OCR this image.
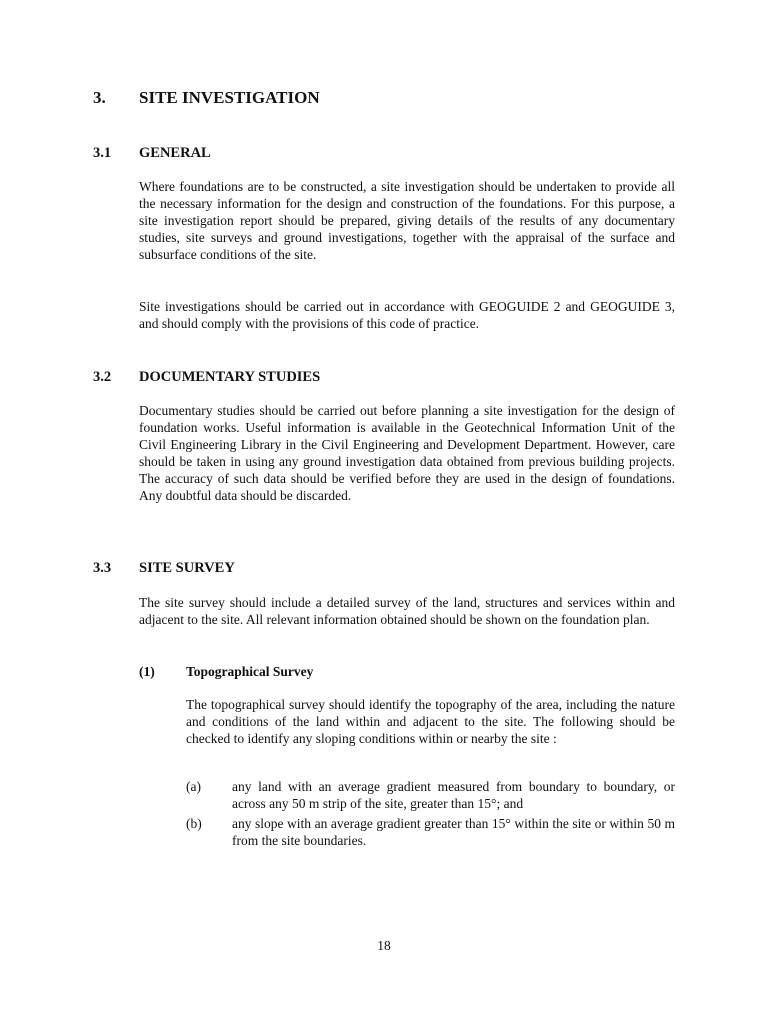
3. SITE INVESTIGATION
3.1 GENERAL

Where foundations are to be constructed, a site investigation should be undertaken to provide all the necessary information for the design and construction of the foundations. For this purpose, a site investigation report should be prepared, giving details of the results of any documentary studies, site surveys and ground investigations, together with the appraisal of the surface and subsurface conditions of the site.

Site investigations should be carried out in accordance with GEOGUIDE 2 and GEOGUIDE 3, and should comply with the provisions of this code of practice.

3.2 DOCUMENTARY STUDIES

Documentary studies should be carried out before planning a site investigation for the design of foundation works. Useful information is available in the Geotechnical Information Unit of the Civil Engineering Library in the Civil Engineering and Development Department. However, care should be taken in using any ground investigation data obtained from previous building projects. The accuracy of such data should be verified before they are used in the design of foundations. Any doubtful data should be discarded.

3.3 SITE SURVEY

The site survey should include a detailed survey of the land, structures and services within and adjacent to the site. All relevant information obtained should be shown on the foundation plan.

(1) Topographical Survey

The topographical survey should identify the topography of the area, including the nature and conditions of the land within and adjacent to the site. The following should be checked to identify any sloping conditions within or nearby the site :

(a) any land with an average gradient measured from boundary to boundary, or across any 50 m strip of the site, greater than 15°; and
(b) any slope with an average gradient greater than 15° within the site or within 50 m from the site boundaries.
18
